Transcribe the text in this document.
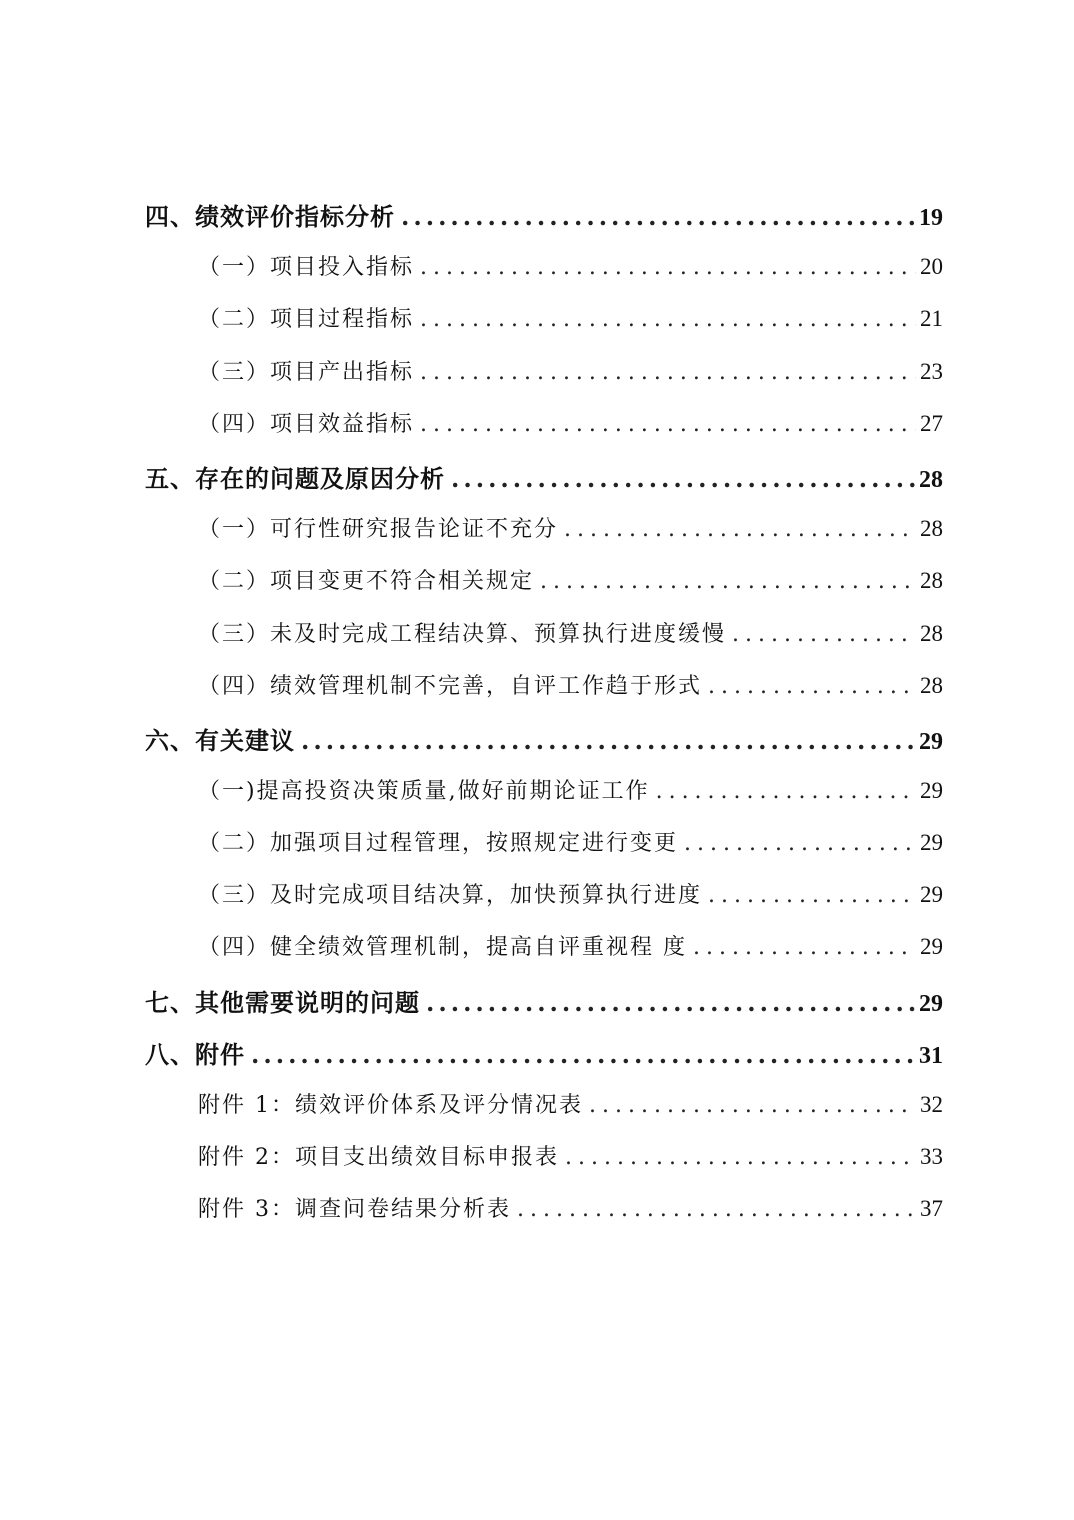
四、绩效评价指标分析 .....	19
（一）项目投入指标 .....	20
（二）项目过程指标 .....	21
（三）项目产出指标 .....	23
（四）项目效益指标 .....	27
五、存在的问题及原因分析 .....	28
（一）可行性研究报告论证不充分 .....	28
（二）项目变更不符合相关规定 .....	28
（三）未及时完成工程结决算、预算执行进度缓慢 .....	28
（四）绩效管理机制不完善，自评工作趋于形式 .....	28
六、有关建议 .....	29
（一)提高投资决策质量,做好前期论证工作 .....	29
（二）加强项目过程管理，按照规定进行变更 .....	29
（三）及时完成项目结决算，加快预算执行进度 .....	29
（四）健全绩效管理机制，提高自评重视程 度 .....	29
七、其他需要说明的问题 .....	29
八、附件 .....	31
附件 1：绩效评价体系及评分情况表 .....	32
附件 2：项目支出绩效目标申报表 .....	33
附件 3：调查问卷结果分析表 .....	37
